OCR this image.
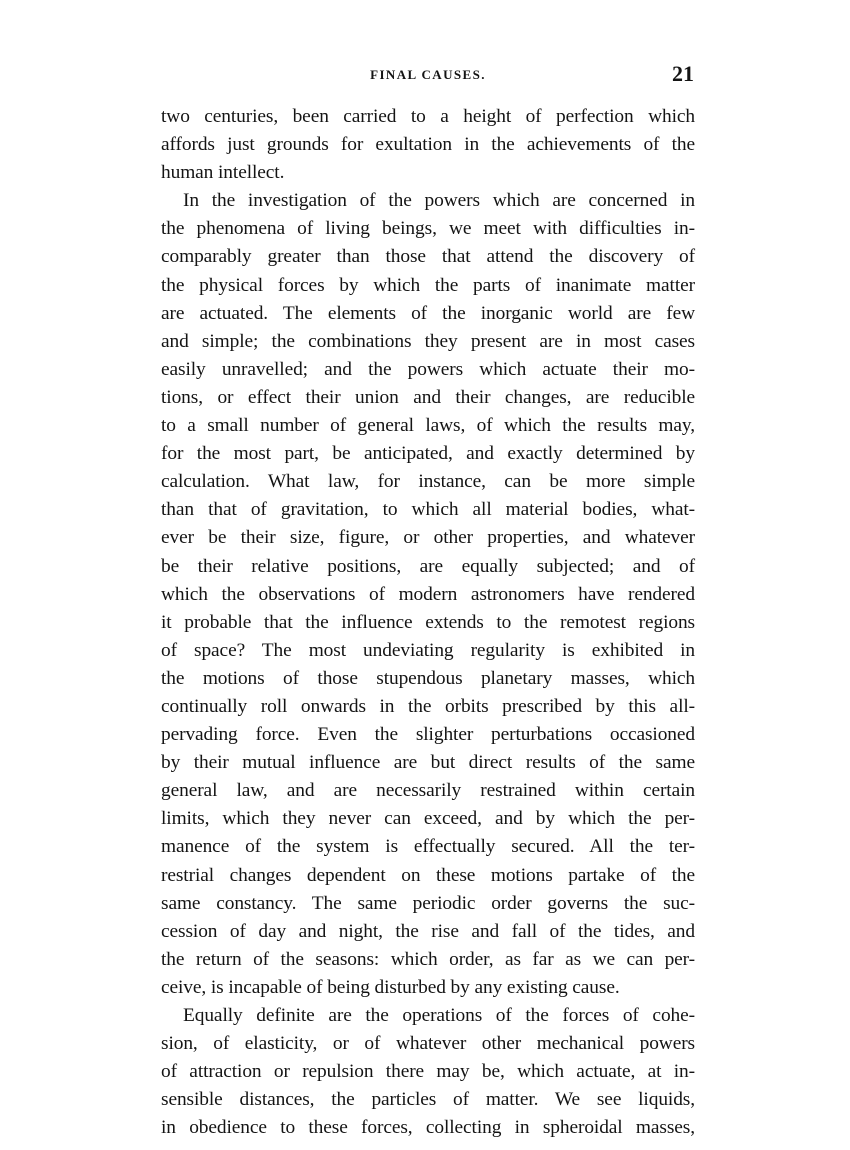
FINAL CAUSES.	21
two centuries, been carried to a height of perfection which
affords just grounds for exultation in the achievements of the
human intellect.
In the investigation of the powers which are concerned in
the phenomena of living beings, we meet with difficulties in-
comparably greater than those that attend the discovery of
the physical forces by which the parts of inanimate matter
are actuated. The elements of the inorganic world are few
and simple; the combinations they present are in most cases
easily unravelled; and the powers which actuate their mo-
tions, or effect their union and their changes, are reducible
to a small number of general laws, of which the results may,
for the most part, be anticipated, and exactly determined by
calculation. What law, for instance, can be more simple
than that of gravitation, to which all material bodies, what-
ever be their size, figure, or other properties, and whatever
be their relative positions, are equally subjected; and of
which the observations of modern astronomers have rendered
it probable that the influence extends to the remotest regions
of space? The most undeviating regularity is exhibited in
the motions of those stupendous planetary masses, which
continually roll onwards in the orbits prescribed by this all-
pervading force. Even the slighter perturbations occasioned
by their mutual influence are but direct results of the same
general law, and are necessarily restrained within certain
limits, which they never can exceed, and by which the per-
manence of the system is effectually secured. All the ter-
restrial changes dependent on these motions partake of the
same constancy. The same periodic order governs the suc-
cession of day and night, the rise and fall of the tides, and
the return of the seasons: which order, as far as we can per-
ceive, is incapable of being disturbed by any existing cause.
Equally definite are the operations of the forces of cohe-
sion, of elasticity, or of whatever other mechanical powers
of attraction or repulsion there may be, which actuate, at in-
sensible distances, the particles of matter. We see liquids,
in obedience to these forces, collecting in spheroidal masses,
